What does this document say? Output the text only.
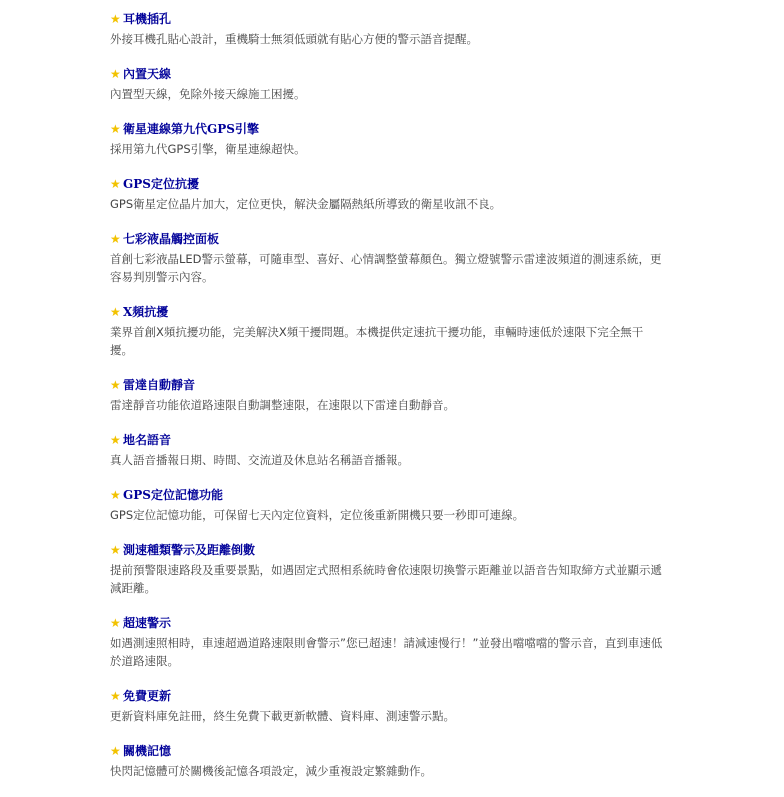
★ 耳機插孔
外接耳機孔貼心設計，重機騎士無須低頭就有貼心方便的警示語音提醒。
★ 內置天線
內置型天線，免除外接天線施工困擾。
★ 衛星連線第九代GPS引擎
採用第九代GPS引擎，衛星連線超快。
★ GPS定位抗擾
GPS衛星定位晶片加大，定位更快，解決金屬隔熱紙所導致的衛星收訊不良。
★ 七彩液晶觸控面板
首創七彩液晶LED警示螢幕，可隨車型、喜好、心情調整螢幕顏色。獨立燈號警示雷達波頻道的測速系統，更容易判別警示內容。
★ X頻抗擾
業界首創X頻抗擾功能，完美解決X頻干擾問題。本機提供定速抗干擾功能，車輛時速低於速限下完全無干擾。
★ 雷達自動靜音
雷達靜音功能依道路速限自動調整速限，在速限以下雷達自動靜音。
★ 地名語音
真人語音播報日期、時間、交流道及休息站名稱語音播報。
★ GPS定位記憶功能
GPS定位記憶功能，可保留七天內定位資料，定位後重新開機只要一秒即可連線。
★ 測速種類警示及距離倒數
提前預警限速路段及重要景點，如遇固定式照相系統時會依速限切換警示距離並以語音告知取締方式並顯示遞減距離。
★ 超速警示
如遇測速照相時，車速超過道路速限則會警示”您已超速！請減速慢行！”並發出噹噹噹的警示音，直到車速低於道路速限。
★ 免費更新
更新資料庫免註冊，終生免費下載更新軟體、資料庫、測速警示點。
★ 關機記憶
快閃記憶體可於關機後記憶各項設定，減少重複設定繁雜動作。
